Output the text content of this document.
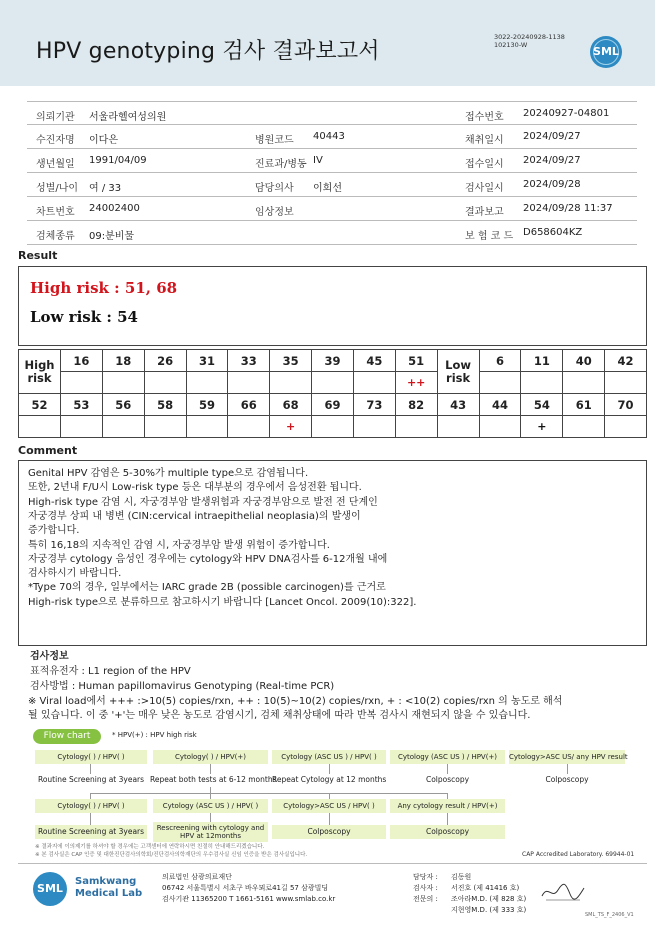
HPV genotyping 검사 결과보고서
3022-20240928-1138
102130-W	SML
의뢰기관 서울라헬여성의원	접수번호 20240927-04801
수진자명 이다은	병원코드 40443	채취일시 2024/09/27
생년월일 1991/04/09	진료과/병동 IV	접수일시 2024/09/27
성별/나이 여 / 33	담당의사 이희선	검사일시 2024/09/28
차트번호 24002400	임상정보	결과보고 2024/09/28 11:37
검체종류 09:분비물	보 험 코 드 D658604KZ
Result
High risk : 51, 68
Low risk : 54
High risk	16	18	26	31	33	35	39	45	51	Low risk	6	11	40	42
									++					
52	53	56	58	59	66	68	69	73	82	43	44	54	61	70
						+						+		
Comment

Genital HPV 감염은 5-30%가 multiple type으로 감염됩니다.

또한, 2년내 F/U시 Low-risk type 등은 대부분의 경우에서 음성전환 됩니다.

High-risk type 감염 시, 자궁경부암 발생위험과 자궁경부암으로 발전 전 단계인

자궁경부 상피 내 병변 (CIN:cervical intraepithelial neoplasia)의 발생이

증가합니다.

특히 16,18의 지속적인 감염 시, 자궁경부암 발생 위험이 증가합니다.

자궁경부 cytology 음성인 경우에는 cytology와 HPV DNA검사를 6-12개월 내에

검사하시기 바랍니다.

*Type 70의 경우, 일부에서는 IARC grade 2B (possible carcinogen)를 근거로

High-risk type으로 분류하므로 참고하시기 바랍니다 [Lancet Oncol. 2009(10):322].

검사정보
표적유전자 : L1 region of the HPV
검사방법 : Human papillomavirus Genotyping (Real-time PCR)
※ Viral load에서 +++ :>10(5) copies/rxn, ++ : 10(5)~10(2) copies/rxn, + : <10(2) copies/rxn 의 농도로 해석
될 있습니다. 이 중 '+'는 매우 낮은 농도로 감염시기, 검체 채취상태에 따라 반복 검사시 재현되지 않을 수 있습니다.
Flow chart	* HPV(+) : HPV high risk
Cytology( ) / HPV( )	Cytology( ) / HPV(+)	Cytology (ASC US ) / HPV( )	Cytology (ASC US ) / HPV(+)	Cytology>ASC US/ any HPV result
Routine Screening at 3years Repeat both tests at 6-12 months
Repeat Cytology at 12 months	Colposcopy	Colposcopy
Cytology( ) / HPV( )	Cytology (ASC US ) / HPV( )	Cytology>ASC US / HPV( )	Any cytology result / HPV(+)
Routine Screening at 3years	Rescreening with cytology and HPV at 12months	Colposcopy	Colposcopy
※ 결과지에 이의제기를 하셔야 할 경우에는 고객센터에 연락하시면 친절히 안내해드리겠습니다.
※ 본 검사실은 CAP 인증 및 대한진단검사의학회/진단검사의학재단의 우수검사실 신임 인증을 받은 검사실입니다.	CAP Accredited Laboratory. 69944-01
SML
Samkwang
Medical Lab
의료법인 삼광의료재단
06742 서울특별시 서초구 바우뫼로41길 57 삼광빌딩
검사기관 11365200 T 1661-5161 www.smlab.co.kr
담당자 :
검사자 :
전문의 :
김동원
서진호 (제 41416 호)
조아라M.D. (제 828 호)
지현영M.D. (제 333 호)
SML_TS_F_2406_V1
